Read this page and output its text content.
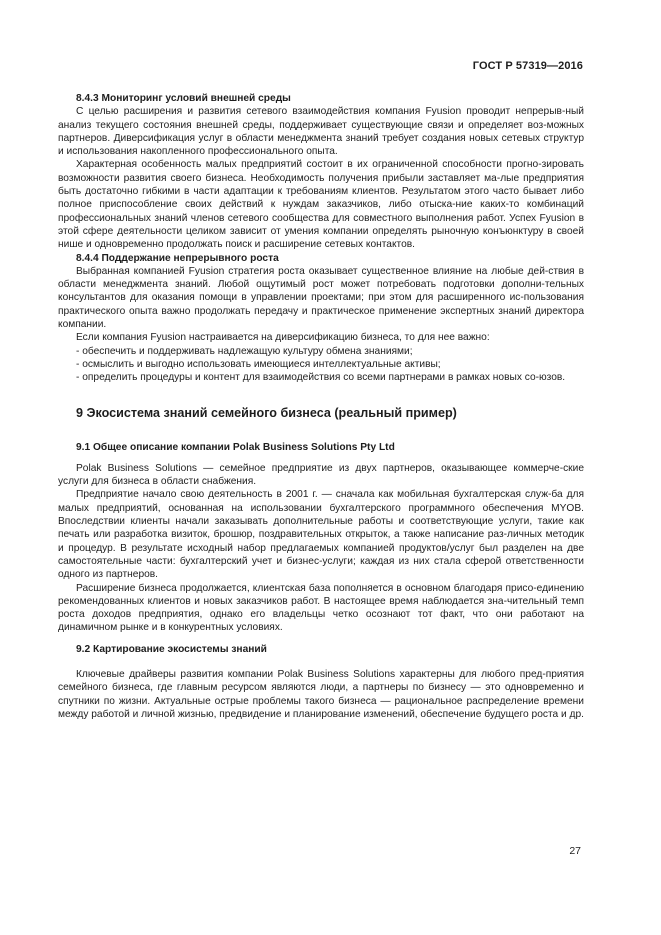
ГОСТ Р 57319—2016

8.4.3 Мониторинг условий внешней среды

С целью расширения и развития сетевого взаимодействия компания Fyusion проводит непрерыв-ный анализ текущего состояния внешней среды, поддерживает существующие связи и определяет воз-можных партнеров. Диверсификация услуг в области менеджмента знаний требует создания новых сетевых структур и использования накопленного профессионального опыта.

Характерная особенность малых предприятий состоит в их ограниченной способности прогно-зировать возможности развития своего бизнеса. Необходимость получения прибыли заставляет ма-лые предприятия быть достаточно гибкими в части адаптации к требованиям клиентов. Результатом этого часто бывает либо полное приспособление своих действий к нуждам заказчиков, либо отыска-ние каких-то комбинаций профессиональных знаний членов сетевого сообщества для совместного выполнения работ. Успех Fyusion в этой сфере деятельности целиком зависит от умения компании определять рыночную конъюнктуру в своей нише и одновременно продолжать поиск и расширение сетевых контактов.

8.4.4 Поддержание непрерывного роста

Выбранная компанией Fyusion стратегия роста оказывает существенное влияние на любые дей-ствия в области менеджмента знаний. Любой ощутимый рост может потребовать подготовки дополни-тельных консультантов для оказания помощи в управлении проектами; при этом для расширенного ис-пользования практического опыта важно продолжать передачу и практическое применение экспертных знаний директора компании.

Если компания Fyusion настраивается на диверсификацию бизнеса, то для нее важно:

- обеспечить и поддерживать надлежащую культуру обмена знаниями;

- осмыслить и выгодно использовать имеющиеся интеллектуальные активы;

- определить процедуры и контент для взаимодействия со всеми партнерами в рамках новых со-юзов.

9 Экосистема знаний семейного бизнеса (реальный пример)

9.1 Общее описание компании Polak Business Solutions Pty Ltd

Polak Business Solutions — семейное предприятие из двух партнеров, оказывающее коммерче-ские услуги для бизнеса в области снабжения.

Предприятие начало свою деятельность в 2001 г. — сначала как мобильная бухгалтерская служ-ба для малых предприятий, основанная на использовании бухгалтерского программного обеспечения MYOB. Впоследствии клиенты начали заказывать дополнительные работы и соответствующие услуги, такие как печать или разработка визиток, брошюр, поздравительных открыток, а также написание раз-личных методик и процедур. В результате исходный набор предлагаемых компанией продуктов/услуг был разделен на две самостоятельные части: бухгалтерский учет и бизнес-услуги; каждая из них стала сферой ответственности одного из партнеров.

Расширение бизнеса продолжается, клиентская база пополняется в основном благодаря присо-единению рекомендованных клиентов и новых заказчиков работ. В настоящее время наблюдается зна-чительный темп роста доходов предприятия, однако его владельцы четко осознают тот факт, что они работают на динамичном рынке и в конкурентных условиях.

9.2 Картирование экосистемы знаний

Ключевые драйверы развития компании Polak Business Solutions характерны для любого пред-приятия семейного бизнеса, где главным ресурсом являются люди, а партнеры по бизнесу — это одновременно и спутники по жизни. Актуальные острые проблемы такого бизнеса — рациональное распределение времени между работой и личной жизнью, предвидение и планирование изменений, обеспечение будущего роста и др.

27
